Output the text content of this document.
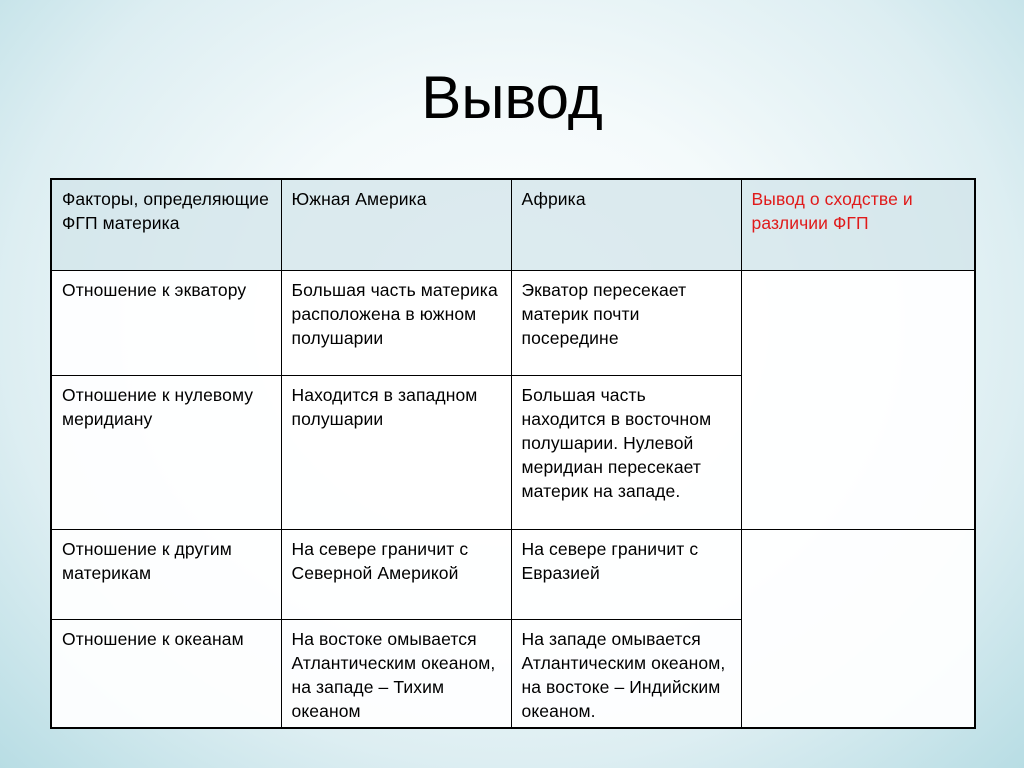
Вывод
Факторы, определяющие ФГП материка	Южная Америка	Африка	Вывод о сходстве и различии ФГП

Отношение к экватору	Большая часть материка расположена в южном полушарии	Экватор пересекает материк почти посередине	

Отношение к нулевому меридиану	Находится в западном полушарии	Большая часть находится в восточном полушарии. Нулевой меридиан пересекает материк на западе.	

Отношение к другим материкам	На севере граничит с Северной Америкой	На севере граничит с Евразией	

Отношение к океанам	На востоке омывается Атлантическим океаном, на западе – Тихим океаном	На западе омывается Атлантическим океаном, на востоке – Индийским океаном.	
